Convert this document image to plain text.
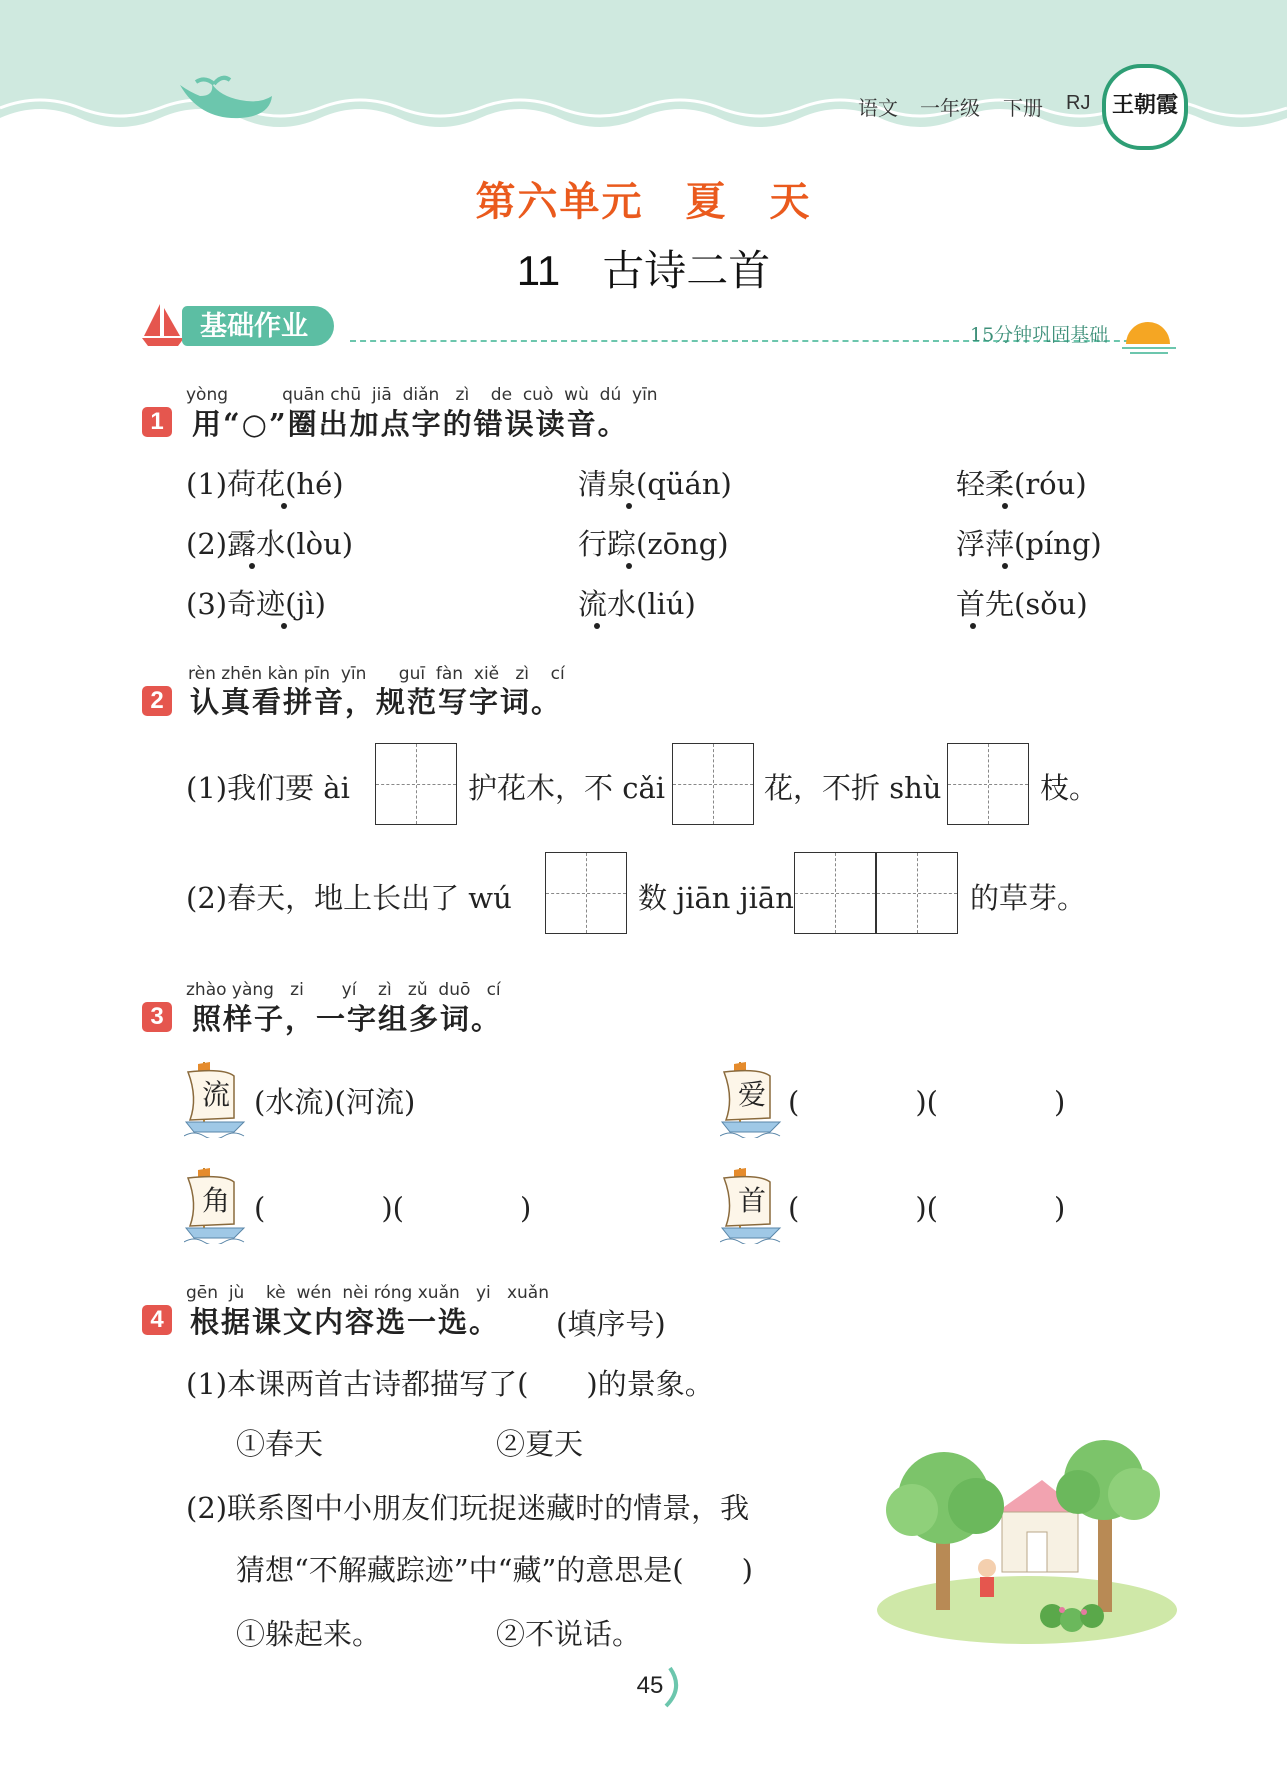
语文 一年级 下册 RJ 王朝霞
第六单元　夏　天
11　古诗二首
基础作业	15分钟巩固基础
yòng          quān chū  jiā  diǎn   zì    de  cuò  wù  dú  yīn
1 用“○”圈出加点字的错误读音。
(1)荷花(hé)	清泉(qüán)	轻柔(róu)
(2)露水(lòu)	行踪(zōng)	浮萍(píng)
(3)奇迹(jì)	流水(liú)	首先(sǒu)
rèn zhēn kàn pīn  yīn      guī  fàn  xiě   zì    cí
2 认真看拼音，规范写字词。
(1)我们要 ài	护花木，不 cǎi	花，不折 shù	枝。
(2)春天，地上长出了 wú	数 jiān jiān	的草芽。
zhào yàng   zi       yí    zì   zǔ  duō   cí
3 照样子，一字组多词。
流 (水流)(河流)	爱 (　　　　)(　　　　)
角 (　　　　)(　　　　)	首 (　　　　)(　　　　)
gēn  jù    kè  wén  nèi róng xuǎn   yi   xuǎn
4 根据课文内容选一选。 (填序号)
(1)本课两首古诗都描写了(　　)的景象。
①春天	②夏天
(2)联系图中小朋友们玩捉迷藏时的情景，我
猜想“不解藏踪迹”中“藏”的意思是(　　)
①躲起来。	②不说话。
45
